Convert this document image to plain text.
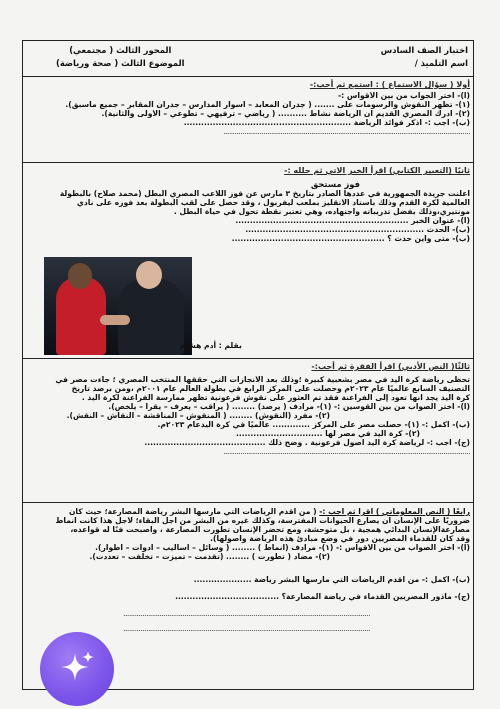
اختبار الصف السادس
اسم التلميذ /
المحور الثالث ( مجتمعي)
الموضوع الثالث ( صحة ورياضة)
أولا ( سؤال الاستماع ) : استمع ثم أجب:-
(أ)- اختر الجواب من بين الأقواس :-
(١)- تظهر النقوش والرسومات على ....... ( جدران المعابد – أسوار المدارس – جدران المقابر – جميع ماسبق).
(٢)- أدرك المصري القديم أن الرياضة نشاط .......... ( رياضي – ترفيهي – تطوعي – الأولى والثانية).
(ب)- أجب :- أذكر فوائد الرياضة ..........................................................
.................................................................................................................................
ثانيًا (التعبير الكتابي) اقرأ الخبر الاتي ثم حلله :-
فوز مستحق
أعلنت جريدة الجمهورية في عددها الصادر بتاريخ ٣ مارس عن فوز اللاعب المصري البطل (محمد صلاح) بالبطولة
العالمية لكرة القدم وذلك باستاد الانقليز بملعب ليفربول ، وقد حصل على لقب البطولة بعد فوزه على نادي
مونتيري،وذلك بفضل تدريباته واجتهاده، وهي تعتبر نقطة تحول في حياة البطل .
(أ)- عنوان الخبر ............................................................
(ب)- الحدث ..............................................................
(ب)- متى وأين حدث ؟ .....................................................
بقلم : أدم هشام
ثالثًا( النص الأدبي) اقرأ الفقرة ثم أجب:-
تحظى رياضة كرة اليد في مصر بشعبية كبيرة ؛وذلك بعد الانجازات التي حققها المنتخب المصري ؛ جاءت مصر في
التصنيف السابع عالميًا عام ٢٠٢٣م وحصلت على المركز الرابع في بطولة العالم عام ٢٠٠١م ،ومن برصد تاريخ
كرة اليد يجد أنها تعود إلى الفراعنة فقد تم العثور على نقوش فرعونية تظهر ممارسة الفراعنة لكرة اليد .
(أ)- اختر الصواب من بين القوسين :- (١)- مرادف ( يرصد) ........ ( يراقب – يعرف – يقرأ – يلخص).
(٢)- مفرد (النقوش) ........ ( المنقوش – المناقشة – النقاش – النقش).
(ب)- أكمل :- (١)- حصلت مصر على المركز ............. عالميًا في كرة اليدعام ٢٠٢٣م.
(٢)- كرة اليد في مصر لها ..............................
(ج)- أجب :- لرياضة كرة اليد أصول فرعونية . وضح ذلك ..........................................
.................................................................................................................................
رابعًا ( النص المعلوماتي ) اقرأ ثم أجب :- ( من أقدم الرياضات التي مارسها البشر رياضة المصارعة؛ حيث كان
ضروريًا على الإنسان أن يصارع الحيوانات المفترسة، وكذلك غيره من البشر من أجل البقاء؛ لأجل هذا كانت أنماط
مصارعةالإنسان البدائي همجية ، بل متوحشة، ومع تحضر الإنسان تطورت المصارعة ، وأصبحت فنًا له قواعده،
وقد كان للقدماء المصريين دور في وضع مبادئ هذه الرياضة وأصولها).
(أ)- اختر الصواب من بين الأقواس :- (١)- مرادف (أنماط ) ........ ( وسائل – أساليب – أدوات – أطوار).
(٢)- مضاد ( تطورت ) ........ (تقدمت – تميزت – تخلفت – تعددت).
(ب)- أكمل :- من أقدم الرياضات التي مارسها البشر رياضة ....................
(ج)- ماذور المصريين القدماء في رياضة المصارعة؟ ....................................
.................................................................................................................................
.................................................................................................................................
